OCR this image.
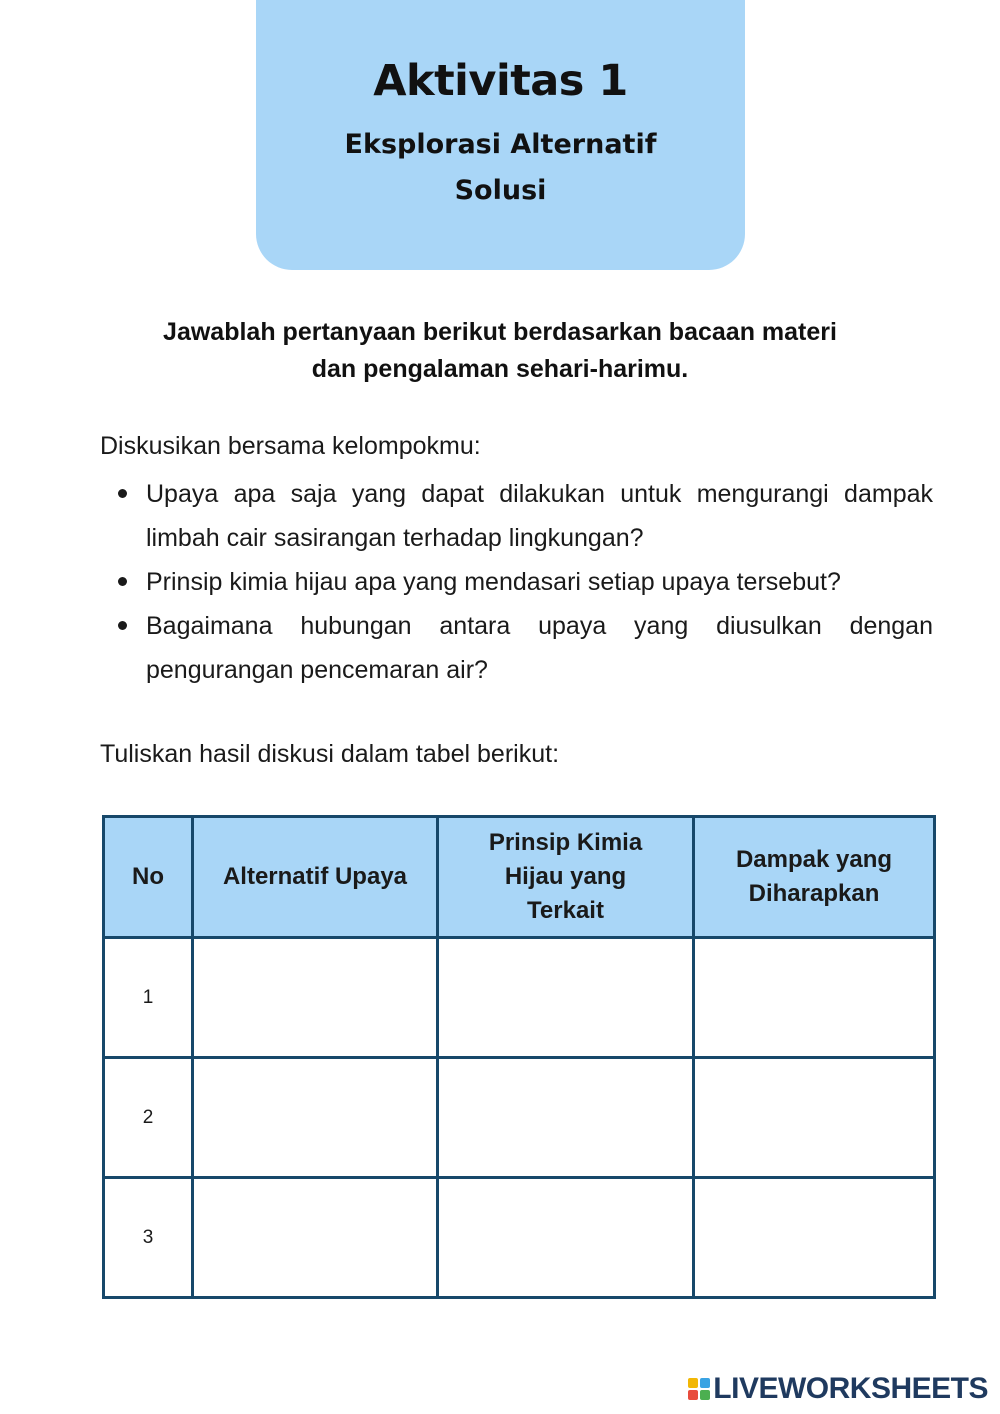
Aktivitas 1
Eksplorasi Alternatif
Solusi
Jawablah pertanyaan berikut berdasarkan bacaan materi
dan pengalaman sehari-harimu.
Diskusikan bersama kelompokmu:
Upaya apa saja yang dapat dilakukan untuk mengurangi dampak limbah cair sasirangan terhadap lingkungan?
Prinsip kimia hijau apa yang mendasari setiap upaya tersebut?
Bagaimana hubungan antara upaya yang diusulkan dengan pengurangan pencemaran air?
Tuliskan hasil diskusi dalam tabel berikut:
No	Alternatif Upaya	Prinsip Kimia Hijau yang Terkait	Dampak yang Diharapkan

1			
2			
3			
LIVEWORKSHEETS
